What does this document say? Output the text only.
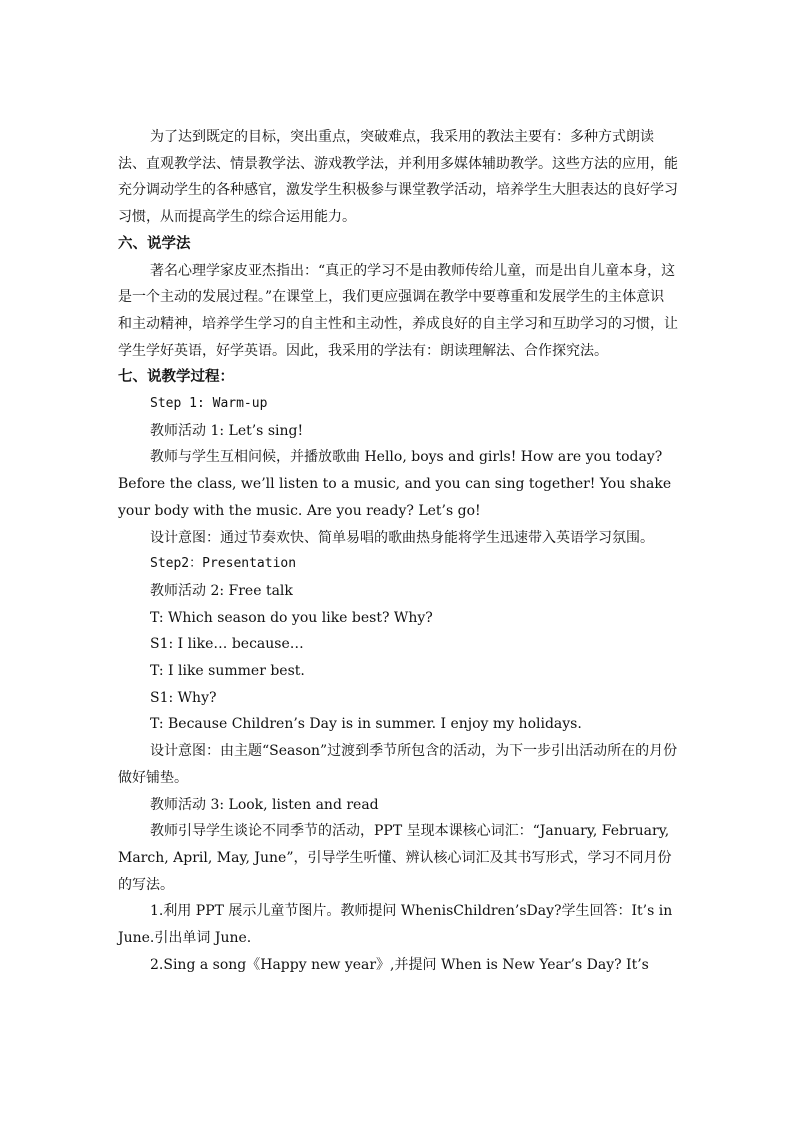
为了达到既定的目标，突出重点，突破难点，我采用的教法主要有：多种方式朗读法、直观教学法、情景教学法、游戏教学法，并利用多媒体辅助教学。这些方法的应用，能充分调动学生的各种感官，激发学生积极参与课堂教学活动，培养学生大胆表达的良好学习习惯，从而提高学生的综合运用能力。

六、说学法

著名心理学家皮亚杰指出：“真正的学习不是由教师传给儿童，而是出自儿童本身，这是一个主动的发展过程。”在课堂上，我们更应强调在教学中要尊重和发展学生的主体意识和主动精神，培养学生学习的自主性和主动性，养成良好的自主学习和互助学习的习惯，让学生学好英语，好学英语。因此，我采用的学法有：朗读理解法、合作探究法。

七、说教学过程：

Step 1: Warm-up

教师活动 1: Let’s sing!

教师与学生互相问候，并播放歌曲 Hello, boys and girls! How are you today? Before the class, we’ll listen to a music, and you can sing together! You shake your body with the music. Are you ready? Let’s go!

设计意图：通过节奏欢快、简单易唱的歌曲热身能将学生迅速带入英语学习氛围。

Step2：Presentation

教师活动 2: Free talk

T: Which season do you like best? Why?

S1: I like… because…

T: I like summer best.

S1: Why?

T: Because Children’s Day is in summer. I enjoy my holidays.

设计意图：由主题“Season”过渡到季节所包含的活动，为下一步引出活动所在的月份做好铺垫。

教师活动 3: Look, listen and read

教师引导学生谈论不同季节的活动，PPT 呈现本课核心词汇：“January, February, March, April, May, June”，引导学生听懂、辨认核心词汇及其书写形式，学习不同月份的写法。

1.利用 PPT 展示儿童节图片。教师提问 WhenisChildren’sDay?学生回答：It’s in June.引出单词 June.

2.Sing a song《Happy new year》,并提问 When is New Year’s Day? It’s
